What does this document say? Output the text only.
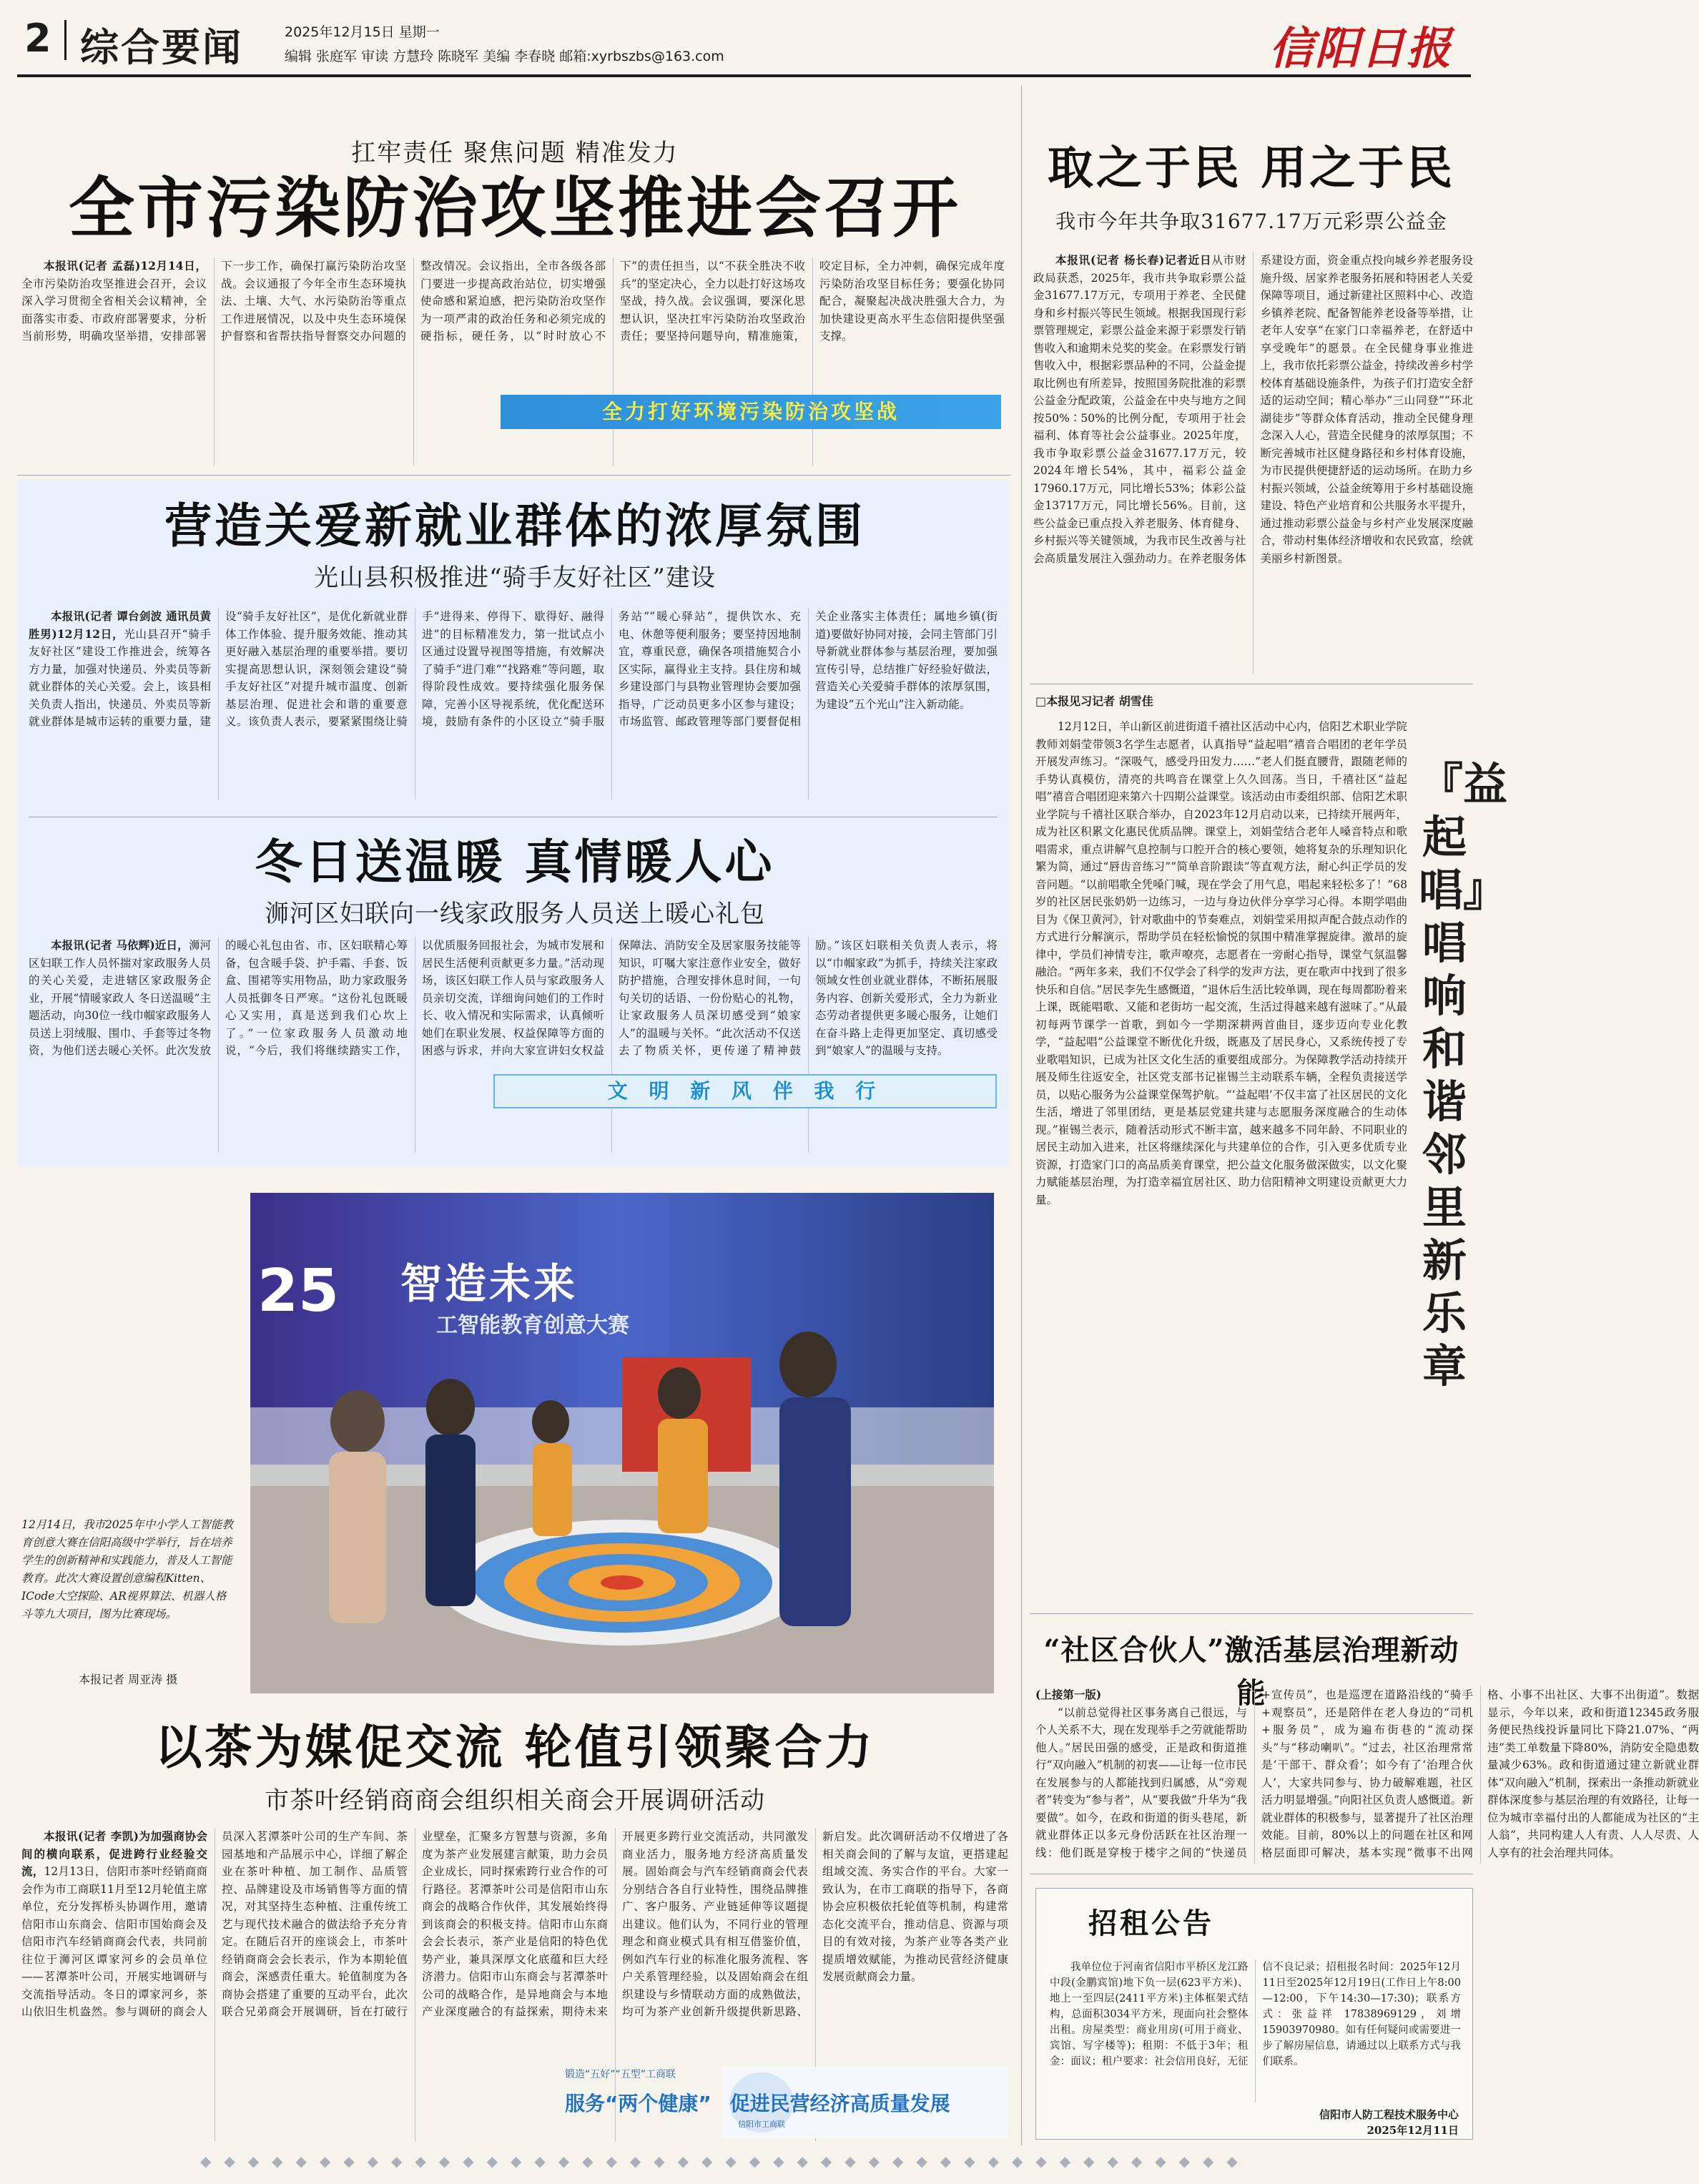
2 综合要闻	2025年12月15日 星期一
编辑 张庭军 审读 方慧玲 陈晓军 美编 李春晓 邮箱:xyrbszbs@163.com	信阳日报
扛牢责任 聚焦问题 精准发力
全市污染防治攻坚推进会召开

本报讯(记者 孟磊)12月14日，全市污染防治攻坚推进会召开，会议深入学习贯彻全省相关会议精神，全面落实市委、市政府部署要求，分析当前形势，明确攻坚举措，安排部署下一步工作，确保打赢污染防治攻坚战。会议通报了今年全市生态环境执法、土壤、大气、水污染防治等重点工作进展情况，以及中央生态环境保护督察和省帮扶指导督察交办问题的整改情况。会议指出，全市各级各部门要进一步提高政治站位，切实增强使命感和紧迫感，把污染防治攻坚作为一项严肃的政治任务和必须完成的硬指标，硬任务，以“时时放心不下”的责任担当，以“不获全胜决不收兵”的坚定决心，全力以赴打好这场攻坚战，持久战。会议强调，要深化思想认识，坚决扛牢污染防治攻坚政治责任；要坚持问题导向，精准施策，咬定目标，全力冲刺，确保完成年度污染防治攻坚目标任务；要强化协同配合，凝聚起决战决胜强大合力，为加快建设更高水平生态信阳提供坚强支撑。

全力打好环境污染防治攻坚战
营造关爱新就业群体的浓厚氛围
光山县积极推进“骑手友好社区”建设

本报讯(记者 谭台剑波 通讯员黄胜男)12月12日，光山县召开“骑手友好社区”建设工作推进会，统筹各方力量，加强对快递员、外卖员等新就业群体的关心关爱。会上，该县相关负责人指出，快递员、外卖员等新就业群体是城市运转的重要力量，建设“骑手友好社区”，是优化新就业群体工作体验、提升服务效能、推动其更好融入基层治理的重要举措。要切实提高思想认识，深刻领会建设“骑手友好社区”对提升城市温度、创新基层治理、促进社会和谐的重要意义。该负责人表示，要紧紧围绕让骑手“进得来、停得下、歇得好、融得进”的目标精准发力，第一批试点小区通过设置导视图等措施，有效解决了骑手“进门难”“找路难”等问题，取得阶段性成效。要持续强化服务保障，完善小区导视系统，优化配送环境，鼓励有条件的小区设立“骑手服务站”“暖心驿站”，提供饮水、充电、休憩等便利服务；要坚持因地制宜，尊重民意，确保各项措施契合小区实际，赢得业主支持。县住房和城乡建设部门与县物业管理协会要加强指导，广泛动员更多小区参与建设；市场监管、邮政管理等部门要督促相关企业落实主体责任；属地乡镇(街道)要做好协同对接，会同主管部门引导新就业群体参与基层治理，要加强宣传引导，总结推广好经验好做法，营造关心关爱骑手群体的浓厚氛围，为建设“五个光山”注入新动能。

冬日送温暖 真情暖人心
浉河区妇联向一线家政服务人员送上暖心礼包

本报讯(记者 马依辉)近日，浉河区妇联工作人员怀揣对家政服务人员的关心关爱，走进辖区家政服务企业，开展“情暖家政人 冬日送温暖”主题活动，向30位一线巾帼家政服务人员送上羽绒服、围巾、手套等过冬物资，为他们送去暖心关怀。此次发放的暖心礼包由省、市、区妇联精心筹备，包含暖手袋、护手霜、手套、饭盒、围裙等实用物品，助力家政服务人员抵御冬日严寒。“这份礼包既暖心又实用，真是送到我们心坎上了。”一位家政服务人员激动地说，“今后，我们将继续踏实工作，以优质服务回报社会，为城市发展和居民生活便利贡献更多力量。”活动现场，该区妇联工作人员与家政服务人员亲切交流，详细询问她们的工作时长、收入情况和实际需求，认真倾听她们在职业发展、权益保障等方面的困惑与诉求，并向大家宣讲妇女权益保障法、消防安全及居家服务技能等知识，叮嘱大家注意作业安全，做好防护措施，合理安排休息时间，一句句关切的话语、一份份贴心的礼物，让家政服务人员深切感受到“娘家人”的温暖与关怀。“此次活动不仅送去了物质关怀，更传递了精神鼓励。”该区妇联相关负责人表示，将以“巾帼家政”为抓手，持续关注家政领域女性创业就业群体，不断拓展服务内容、创新关爱形式，全力为新业态劳动者提供更多暖心服务，让她们在奋斗路上走得更加坚定、真切感受到“娘家人”的温暖与支持。

文 明 新 风 伴 我 行
25 智造未来
工智能教育创意大赛
12月14日，我市2025年中小学人工智能教育创意大赛在信阳高级中学举行，旨在培养学生的创新精神和实践能力，普及人工智能教育。此次大赛设置创意编程Kitten、ICode大空探险、AR视界算法、机器人格斗等九大项目，图为比赛现场。
本报记者 周亚涛 摄
以茶为媒促交流 轮值引领聚合力
市茶叶经销商商会组织相关商会开展调研活动

本报讯(记者 李凯)为加强商协会间的横向联系，促进跨行业经验交流，12月13日，信阳市茶叶经销商商会作为市工商联11月至12月轮值主席单位，充分发挥桥头协调作用，邀请信阳市山东商会、信阳市国始商会及信阳市汽车经销商商会代表，共同前往位于浉河区谭家河乡的会员单位——茗潭茶叶公司，开展实地调研与交流指导活动。冬日的谭家河乡，茶山依旧生机盎然。参与调研的商会人员深入茗潭茶叶公司的生产车间、茶园基地和产品展示中心，详细了解企业在茶叶种植、加工制作、品质管控、品牌建设及市场销售等方面的情况，对其坚持生态种植、注重传统工艺与现代技术融合的做法给予充分肯定。在随后召开的座谈会上，市茶叶经销商商会会长表示，作为本期轮值商会，深感责任重大。轮值制度为各商协会搭建了重要的互动平台，此次联合兄弟商会开展调研，旨在打破行业壁垒，汇聚多方智慧与资源，多角度为茶产业发展建言献策，助力会员企业成长，同时探索跨行业合作的可行路径。茗潭茶叶公司是信阳市山东商会的战略合作伙伴，其发展始终得到该商会的积极支持。信阳市山东商会会长表示，茶产业是信阳的特色优势产业，兼具深厚文化底蕴和巨大经济潜力。信阳市山东商会与茗潭茶叶公司的战略合作，是异地商会与本地产业深度融合的有益探索，期待未来开展更多跨行业交流活动，共同激发商业活力，服务地方经济高质量发展。固始商会与汽车经销商商会代表分别结合各自行业特性，围绕品牌推广、客户服务、产业链延伸等议题提出建议。他们认为，不同行业的管理理念和商业模式具有相互借鉴价值，例如汽车行业的标准化服务流程、客户关系管理经验，以及固始商会在组织建设与乡情联动方面的成熟做法，均可为茶产业创新升级提供新思路、新启发。此次调研活动不仅增进了各相关商会间的了解与友谊，更搭建起组域交流、务实合作的平台。大家一致认为，在市工商联的指导下，各商协会应积极依托轮值等机制，构建常态化交流平台，推动信息、资源与项目的有效对接，为茶产业等各类产业提质增效赋能，为推动民营经济健康发展贡献商会力量。

信阳市工商联
锻造“五好”“五型”工商联
服务“两个健康” 促进民营经济高质量发展
取之于民 用之于民
我市今年共争取31677.17万元彩票公益金

本报讯(记者 杨长春)记者近日从市财政局获悉，2025年，我市共争取彩票公益金31677.17万元，专项用于养老、全民健身和乡村振兴等民生领域。根据我国现行彩票管理规定，彩票公益金来源于彩票发行销售收入和逾期未兑奖的奖金。在彩票发行销售收入中，根据彩票品种的不同，公益金提取比例也有所差异，按照国务院批准的彩票公益金分配政策，公益金在中央与地方之间按50%∶50%的比例分配，专项用于社会福利、体育等社会公益事业。2025年度，我市争取彩票公益金31677.17万元，较2024年增长54%，其中，福彩公益金17960.17万元，同比增长53%；体彩公益金13717万元，同比增长56%。目前，这些公益金已重点投入养老服务、体育健身、乡村振兴等关键领域，为我市民生改善与社会高质量发展注入强劲动力。在养老服务体系建设方面，资金重点投向城乡养老服务设施升级、居家养老服务拓展和特困老人关爱保障等项目，通过新建社区照料中心、改造乡镇养老院、配备智能养老设备等举措，让老年人安享“在家门口幸福养老，在舒适中享受晚年”的愿景。在全民健身事业推进上，我市依托彩票公益金，持续改善乡村学校体育基础设施条件，为孩子们打造安全舒适的运动空间；精心举办“三山同登”“环北湖徒步”等群众体育活动，推动全民健身理念深入人心，营造全民健身的浓厚氛围；不断完善城市社区健身路径和乡村体育设施，为市民提供便捷舒适的运动场所。在助力乡村振兴领域，公益金统筹用于乡村基础设施建设、特色产业培育和公共服务水平提升，通过推动彩票公益金与乡村产业发展深度融合，带动村集体经济增收和农民致富，绘就美丽乡村新图景。

□本报见习记者 胡雪佳

12月12日，羊山新区前进街道千禧社区活动中心内，信阳艺术职业学院教师刘娟莹带领3名学生志愿者，认真指导“益起唱”禧音合唱团的老年学员开展发声练习。“深吸气，感受丹田发力……”老人们挺直腰背，跟随老师的手势认真模仿，清亮的共鸣音在课堂上久久回荡。当日，千禧社区“益起唱”禧音合唱团迎来第六十四期公益课堂。该活动由市委组织部、信阳艺术职业学院与千禧社区联合举办，自2023年12月启动以来，已持续开展两年，成为社区积累文化惠民优质品牌。课堂上，刘娟莹结合老年人嗓音特点和歌唱需求，重点讲解气息控制与口腔开合的核心要领，她将复杂的乐理知识化繁为简，通过“唇齿音练习”“简单音阶跟读”等直观方法，耐心纠正学员的发音问题。“以前唱歌全凭嗓门喊，现在学会了用气息，唱起来轻松多了！”68岁的社区居民张奶奶一边练习，一边与身边伙伴分享学习心得。本期学唱曲目为《保卫黄河》，针对歌曲中的节奏难点，刘娟莹采用拟声配合鼓点动作的方式进行分解演示，帮助学员在轻松愉悦的氛围中精准掌握旋律。激昂的旋律中，学员们神情专注，歌声嘹亮，志愿者在一旁耐心指导，课堂气氛温馨融洽。“两年多来，我们不仅学会了科学的发声方法，更在歌声中找到了很多快乐和自信。”居民李先生感慨道，“退休后生活比较单调，现在每周都盼着来上课，既能唱歌、又能和老街坊一起交流，生活过得越来越有滋味了。”从最初每两节课学一首歌，到如今一学期深耕两首曲目，逐步迈向专业化教学，“益起唱”公益课堂不断优化升级，既惠及了居民身心，又系统传授了专业歌唱知识，已成为社区文化生活的重要组成部分。为保障教学活动持续开展及师生往返安全，社区党支部书记崔锡兰主动联系车辆，全程负责接送学员，以贴心服务为公益课堂保驾护航。“‘益起唱’不仅丰富了社区居民的文化生活，增进了邻里团结，更是基层党建共建与志愿服务深度融合的生动体现。”崔锡兰表示，随着活动形式不断丰富，越来越多不同年龄、不同职业的居民主动加入进来，社区将继续深化与共建单位的合作，引入更多优质专业资源，打造家门口的高品质美育课堂，把公益文化服务做深做实，以文化聚力赋能基层治理，为打造幸福宜居社区、助力信阳精神文明建设贡献更大力量。

『益起唱』唱响和谐邻里新乐章
“社区合伙人”激活基层治理新动能

(上接第一版)

“以前总觉得社区事务离自己很远，与个人关系不大，现在发现举手之劳就能帮助他人。”居民田强的感受，正是政和街道推行“双向融入”机制的初衷——让每一位市民在发展参与的人都能找到归属感，从“旁观者”转变为“参与者”，从“要我做”升华为“我要做”。如今，在政和街道的街头巷尾，新就业群体正以多元身份活跃在社区治理一线：他们既是穿梭于楼宇之间的“快递员+宣传员”，也是巡逻在道路沿线的“骑手+观察员”，还是陪伴在老人身边的“司机+服务员”，成为遍布街巷的“流动探头”与“移动喇叭”。“过去，社区治理常常是‘干部干、群众看’；如今有了‘治理合伙人’，大家共同参与、协力破解难题，社区活力明显增强。”向阳社区负责人感慨道。新就业群体的积极参与，显著提升了社区治理效能。目前，80%以上的问题在社区和网格层面即可解决，基本实现“微事不出网格、小事不出社区、大事不出街道”。数据显示，今年以来，政和街道12345政务服务便民热线投诉量同比下降21.07%、“两违”类工单数量下降80%，消防安全隐患数量减少63%。政和街道通过建立新就业群体“双向融入”机制，探索出一条推动新就业群体深度参与基层治理的有效路径，让每一位为城市幸福付出的人都能成为社区的“主人翁”，共同构建人人有责、人人尽责、人人享有的社会治理共同体。

招租公告

我单位位于河南省信阳市平桥区龙江路中段(金鹏宾馆)地下负一层(623平方米)、地上一至四层(2411平方米)主体框架式结构，总面积3034平方米，现面向社会整体出租。房屋类型：商业用房(可用于商业、宾馆、写字楼等)；租期：不低于3年；租金：面议；租户要求：社会信用良好，无征信不良记录；招租报名时间：2025年12月11日至2025年12月19日(工作日上午8:00—12:00，下午14:30—17:30)；联系方式：张益祥 17838969129，刘增 15903970980。如有任何疑问或需要进一步了解房屋信息，请通过以上联系方式与我们联系。

信阳市人防工程技术服务中心
2025年12月11日
◆◆◆◆◆◆◆◆◆◆◆◆◆◆◆◆◆◆◆◆◆◆◆◆◆◆◆◆◆◆◆◆◆◆◆◆◆◆◆◆◆◆◆◆
